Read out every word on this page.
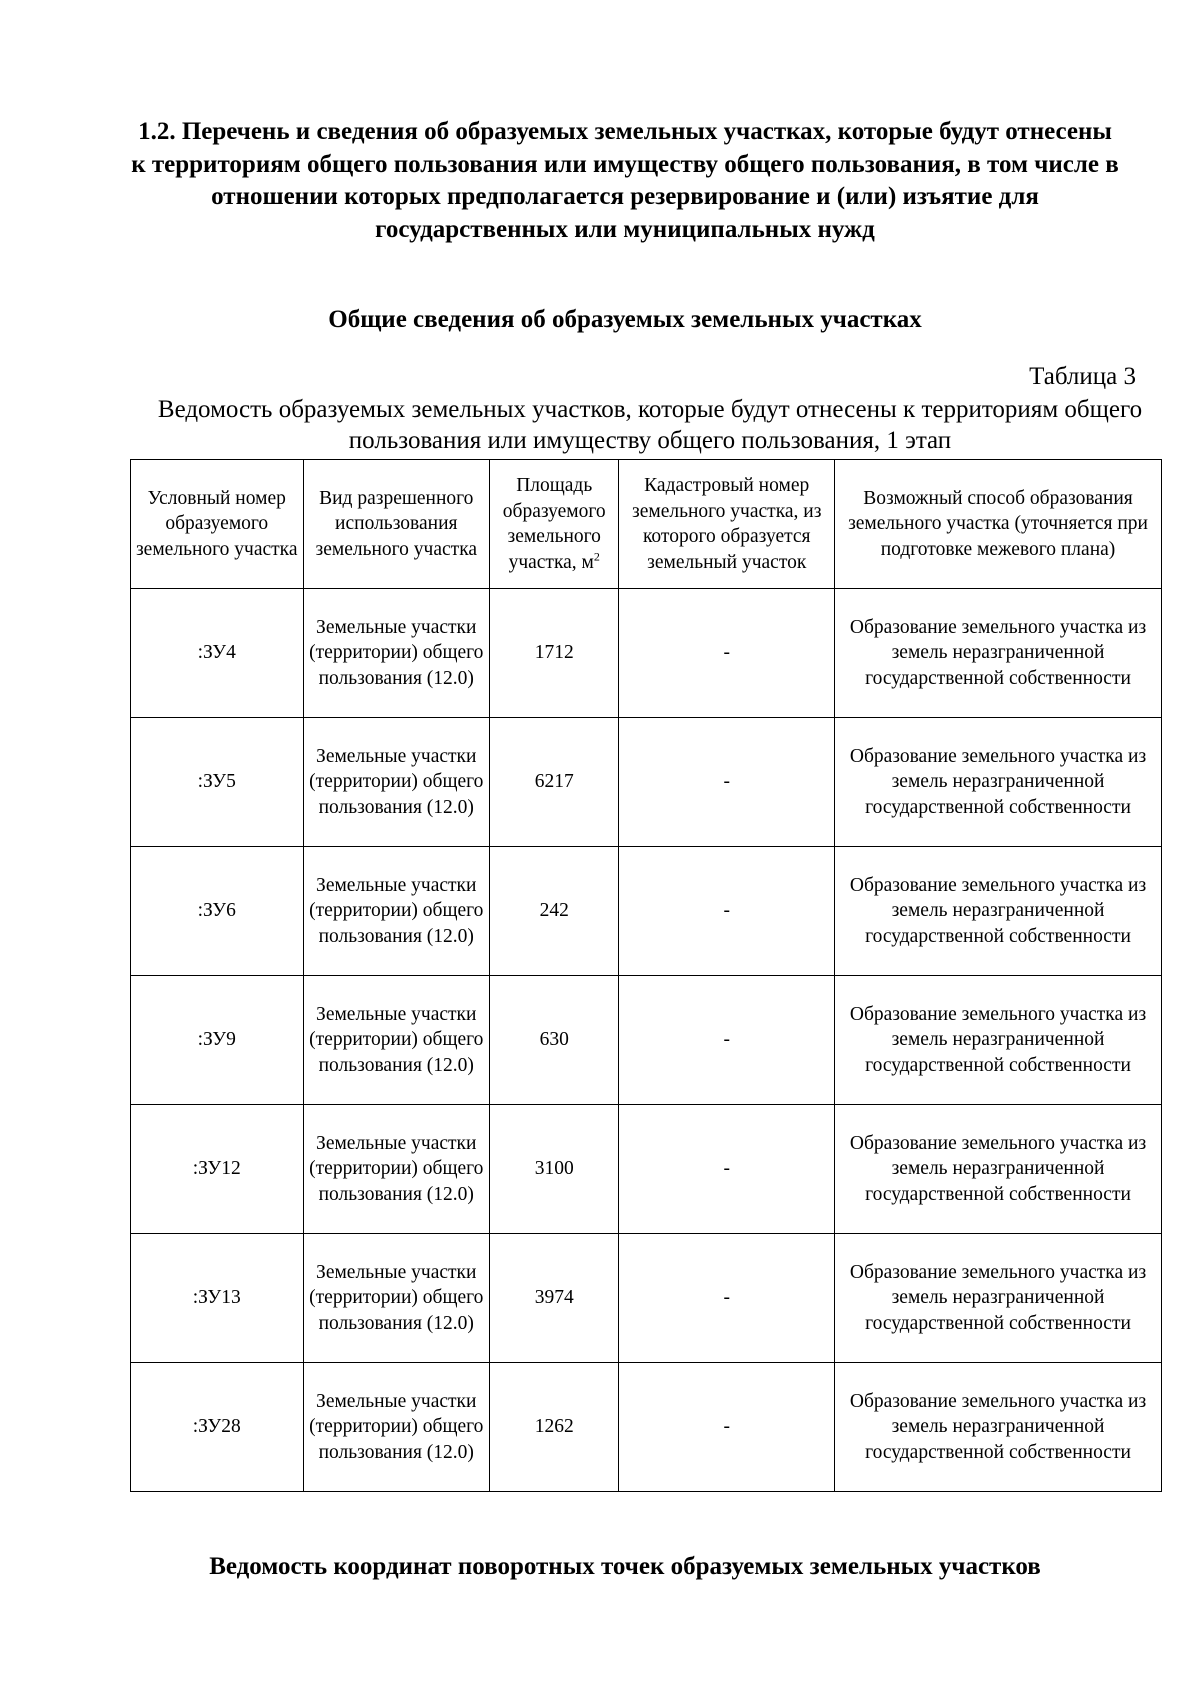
1.2. Перечень и сведения об образуемых земельных участках, которые будут отнесены к территориям общего пользования или имуществу общего пользования, в том числе в отношении которых предполагается резервирование и (или) изъятие для государственных или муниципальных нужд
Общие сведения об образуемых земельных участках
Таблица 3
Ведомость образуемых земельных участков, которые будут отнесены к территориям общего пользования или имуществу общего пользования, 1 этап
Условный номер образуемого земельного участка	Вид разрешенного использования земельного участка	Площадь образуемого земельного участка, $м^2$	Кадастровый номер земельного участка, из которого образуется земельный участок	Возможный способ образования земельного участка (уточняется при подготовке межевого плана)
:ЗУ4	Земельные участки (территории) общего пользования (12.0)	1712	-	Образование земельного участка из земель неразграниченной государственной собственности
:ЗУ5	Земельные участки (территории) общего пользования (12.0)	6217	-	Образование земельного участка из земель неразграниченной государственной собственности
:ЗУ6	Земельные участки (территории) общего пользования (12.0)	242	-	Образование земельного участка из земель неразграниченной государственной собственности
:ЗУ9	Земельные участки (территории) общего пользования (12.0)	630	-	Образование земельного участка из земель неразграниченной государственной собственности
:ЗУ12	Земельные участки (территории) общего пользования (12.0)	3100	-	Образование земельного участка из земель неразграниченной государственной собственности
:ЗУ13	Земельные участки (территории) общего пользования (12.0)	3974	-	Образование земельного участка из земель неразграниченной государственной собственности
:ЗУ28	Земельные участки (территории) общего пользования (12.0)	1262	-	Образование земельного участка из земель неразграниченной государственной собственности
Ведомость координат поворотных точек образуемых земельных участков
